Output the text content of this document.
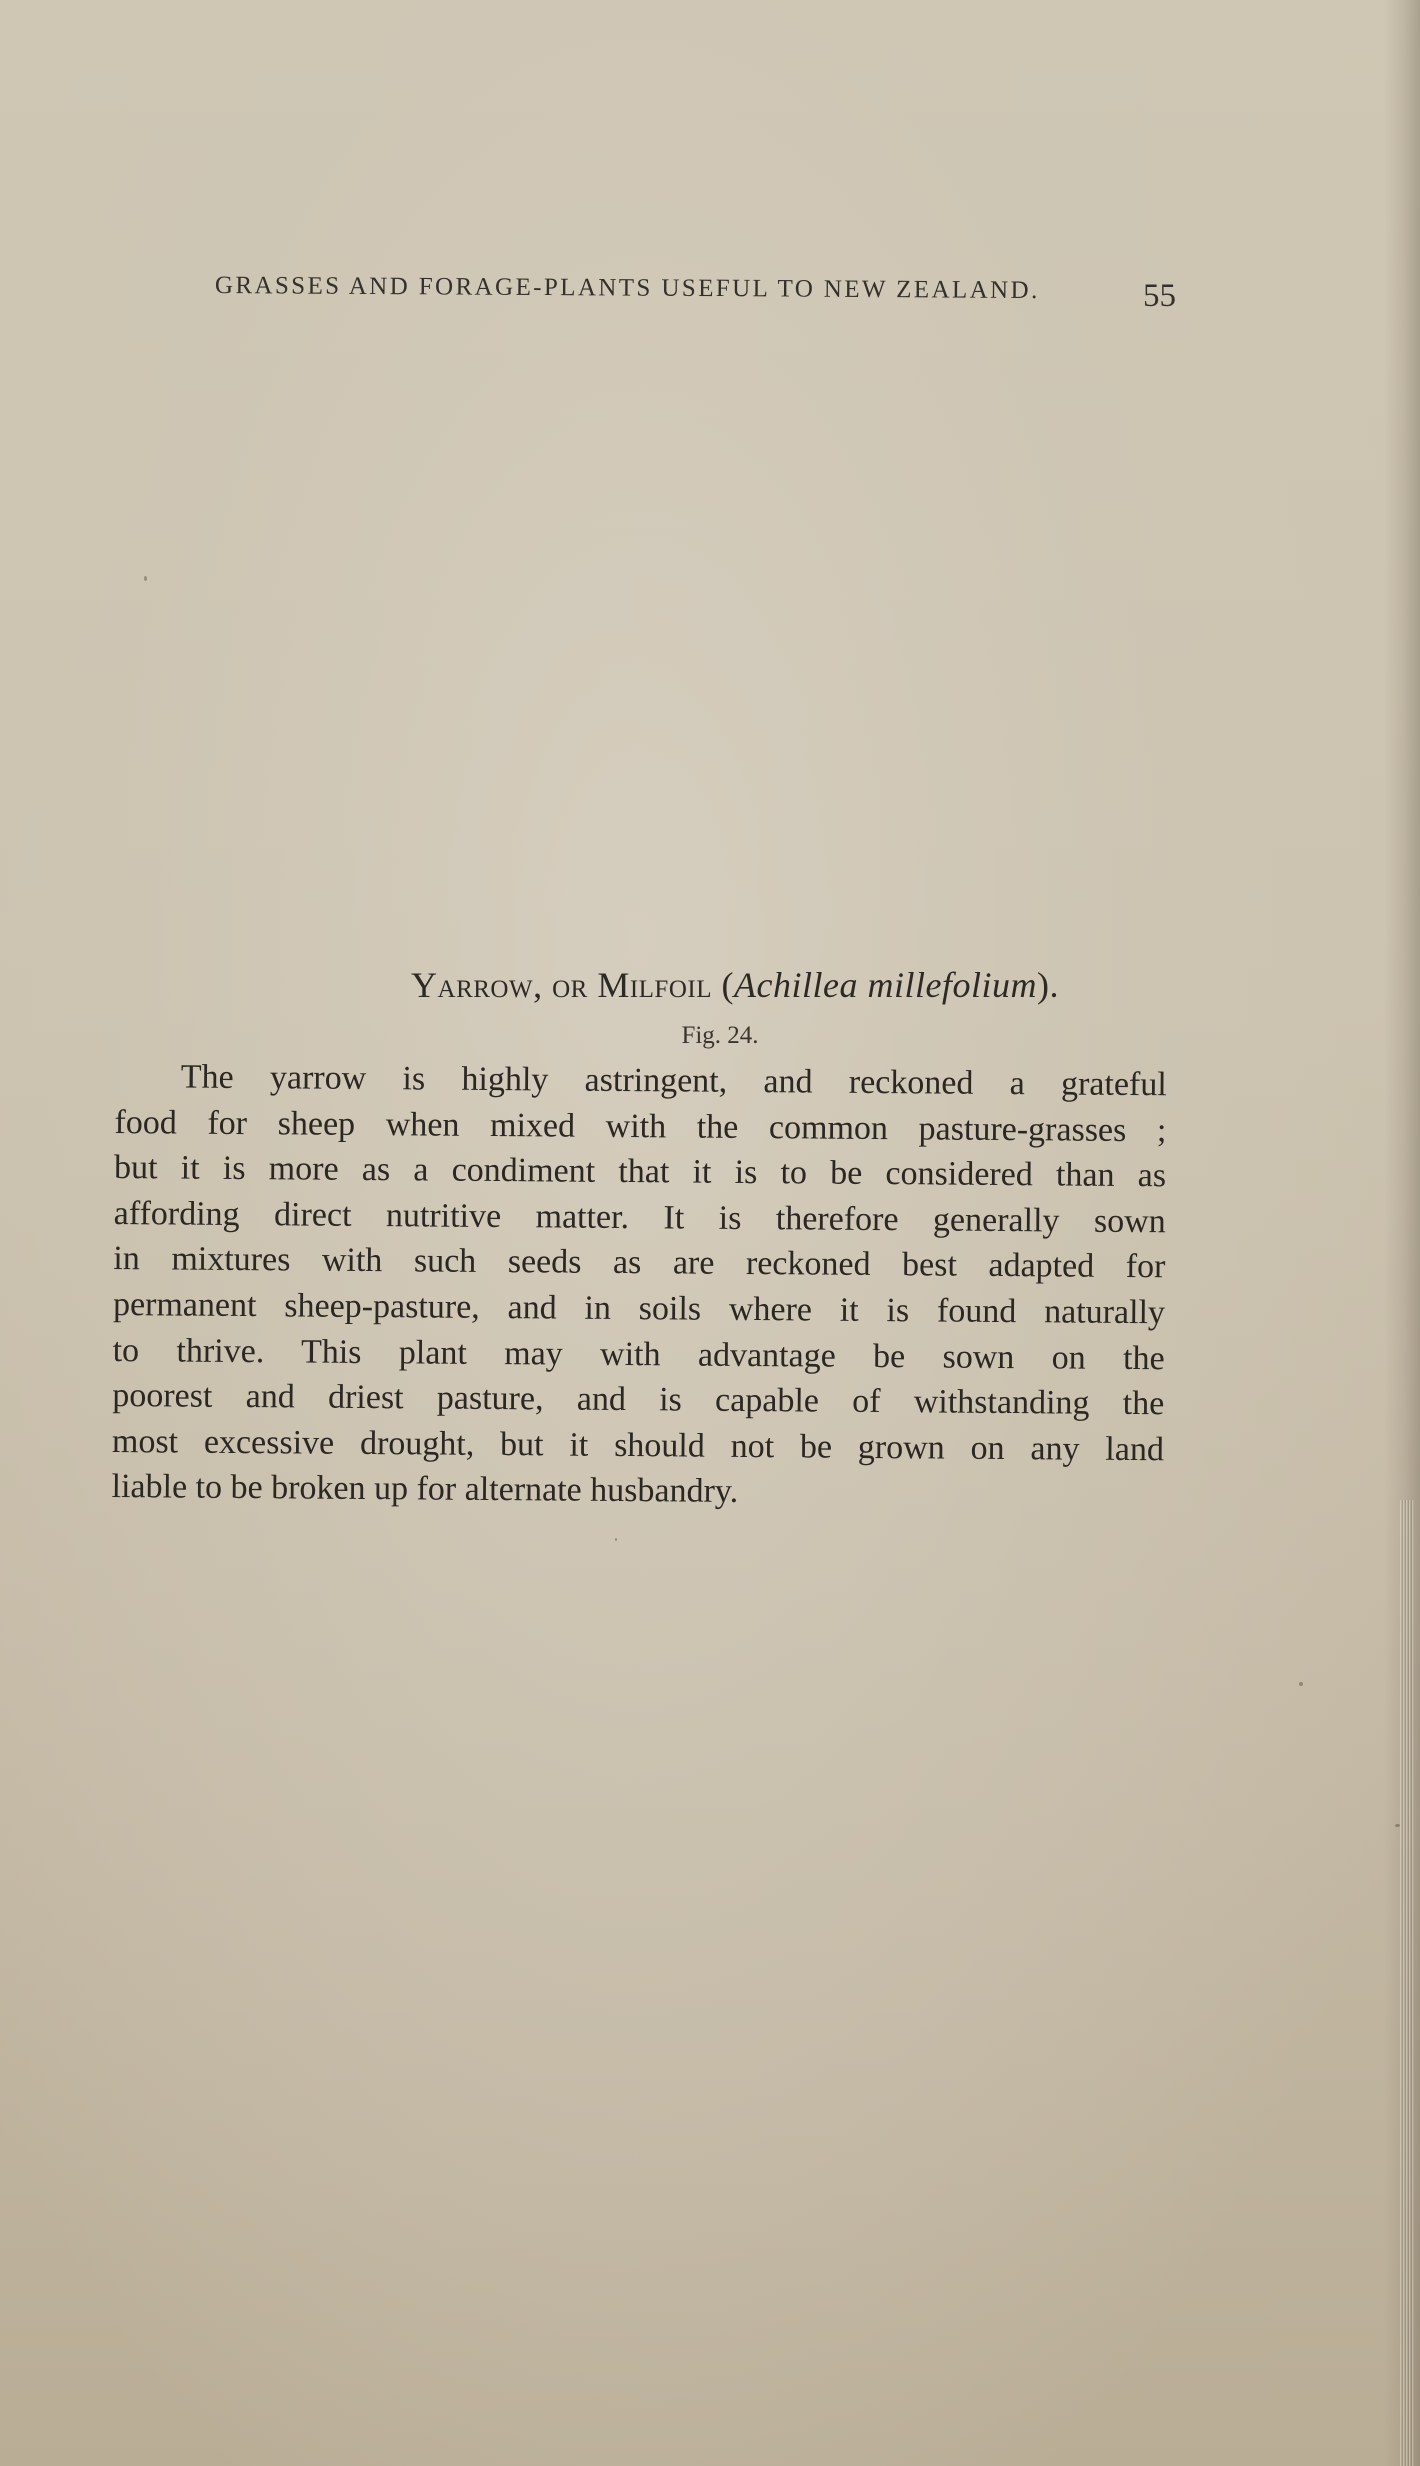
GRASSES AND FORAGE-PLANTS USEFUL TO NEW ZEALAND.	55
Yarrow, or Milfoil (Achillea millefolium).
Fig. 24.
The yarrow is highly astringent, and reckoned a grateful
food for sheep when mixed with the common pasture-grasses ;
but it is more as a condiment that it is to be considered than as
affording direct nutritive matter. It is therefore generally sown
in mixtures with such seeds as are reckoned best adapted for
permanent sheep-pasture, and in soils where it is found naturally
to thrive. This plant may with advantage be sown on the
poorest and driest pasture, and is capable of withstanding the
most excessive drought, but it should not be grown on any land
liable to be broken up for alternate husbandry.
